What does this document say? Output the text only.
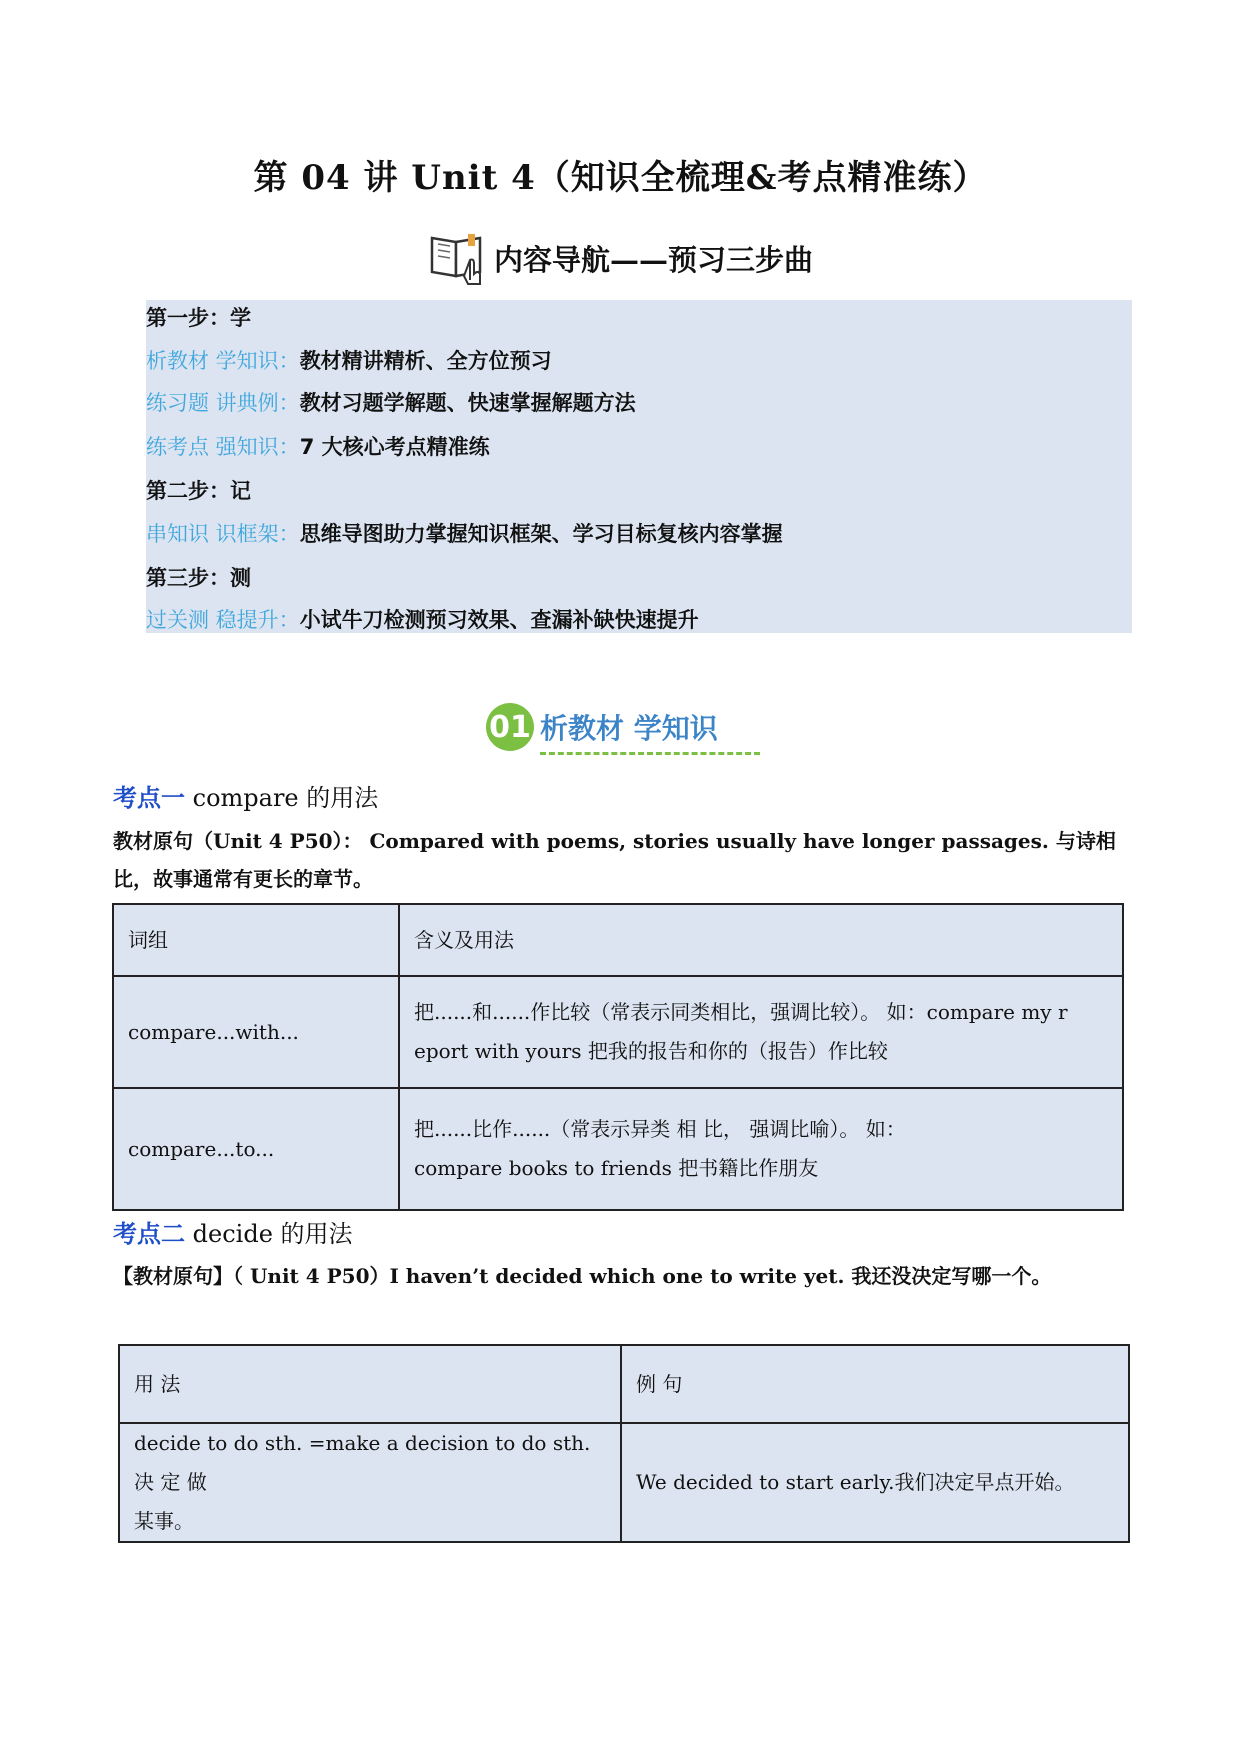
第 04 讲 Unit 4（知识全梳理&考点精准练）
内容导航——预习三步曲
第一步：学
析教材 学知识：教材精讲精析、全方位预习
练习题 讲典例：教材习题学解题、快速掌握解题方法
练考点 强知识：7 大核心考点精准练
第二步：记
串知识 识框架：思维导图助力掌握知识框架、学习目标复核内容掌握
第三步：测
过关测 稳提升：小试牛刀检测预习效果、查漏补缺快速提升
01 析教材 学知识
考点一 compare 的用法
教材原句（Unit 4 P50）： Compared with poems, stories usually have longer passages. 与诗相比，故事通常有更长的章节。
词组	含义及用法
compare...with...	把......和......作比较（常表示同类相比，强调比较）。 如：compare my r
eport with yours 把我的报告和你的（报告）作比较

compare...to...	把......比作......（常表示异类 相 比， 强调比喻）。 如：
compare books to friends 把书籍比作朋友
考点二 decide 的用法
【教材原句】（ Unit 4 P50）I haven’t decided which one to write yet. 我还没决定写哪一个。
用 法	例 句

decide to do sth. =make a decision to do sth. 决 定 做
某事。	We decided to start early.我们决定早点开始。
